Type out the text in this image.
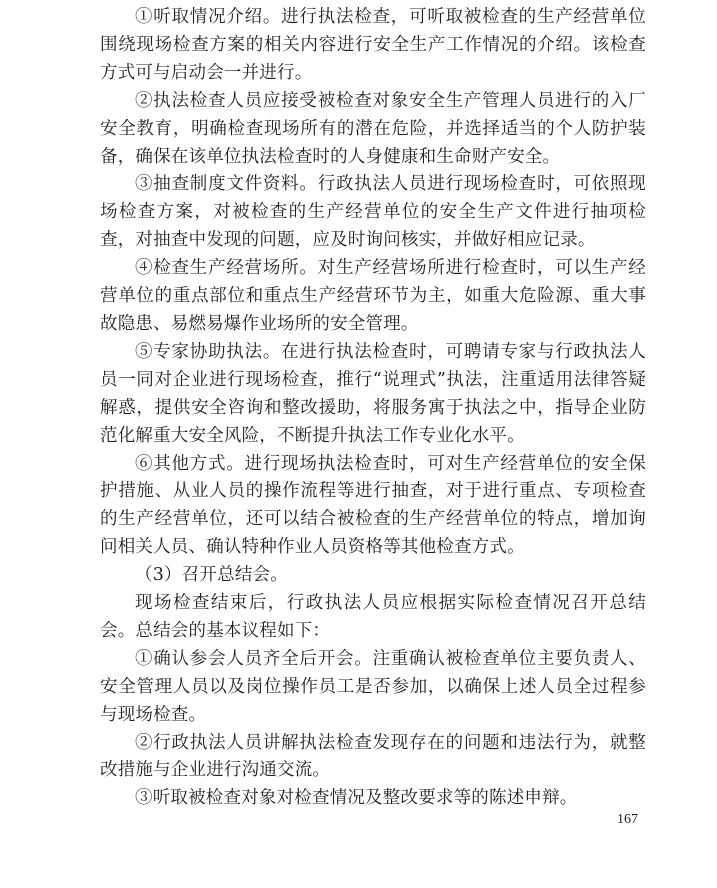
①听取情况介绍。进行执法检查，可听取被检查的生产经营单位围绕现场检查方案的相关内容进行安全生产工作情况的介绍。该检查方式可与启动会一并进行。

②执法检查人员应接受被检查对象安全生产管理人员进行的入厂安全教育，明确检查现场所有的潜在危险，并选择适当的个人防护装备，确保在该单位执法检查时的人身健康和生命财产安全。

③抽查制度文件资料。行政执法人员进行现场检查时，可依照现场检查方案，对被检查的生产经营单位的安全生产文件进行抽项检查，对抽查中发现的问题，应及时询问核实，并做好相应记录。

④检查生产经营场所。对生产经营场所进行检查时，可以生产经营单位的重点部位和重点生产经营环节为主，如重大危险源、重大事故隐患、易燃易爆作业场所的安全管理。

⑤专家协助执法。在进行执法检查时，可聘请专家与行政执法人员一同对企业进行现场检查，推行“说理式”执法，注重适用法律答疑解惑，提供安全咨询和整改援助，将服务寓于执法之中，指导企业防范化解重大安全风险，不断提升执法工作专业化水平。

⑥其他方式。进行现场执法检查时，可对生产经营单位的安全保护措施、从业人员的操作流程等进行抽查，对于进行重点、专项检查的生产经营单位，还可以结合被检查的生产经营单位的特点，增加询问相关人员、确认特种作业人员资格等其他检查方式。

（3）召开总结会。

现场检查结束后，行政执法人员应根据实际检查情况召开总结会。总结会的基本议程如下：

①确认参会人员齐全后开会。注重确认被检查单位主要负责人、安全管理人员以及岗位操作员工是否参加，以确保上述人员全过程参与现场检查。

②行政执法人员讲解执法检查发现存在的问题和违法行为，就整改措施与企业进行沟通交流。

③听取被检查对象对检查情况及整改要求等的陈述申辩。

167
